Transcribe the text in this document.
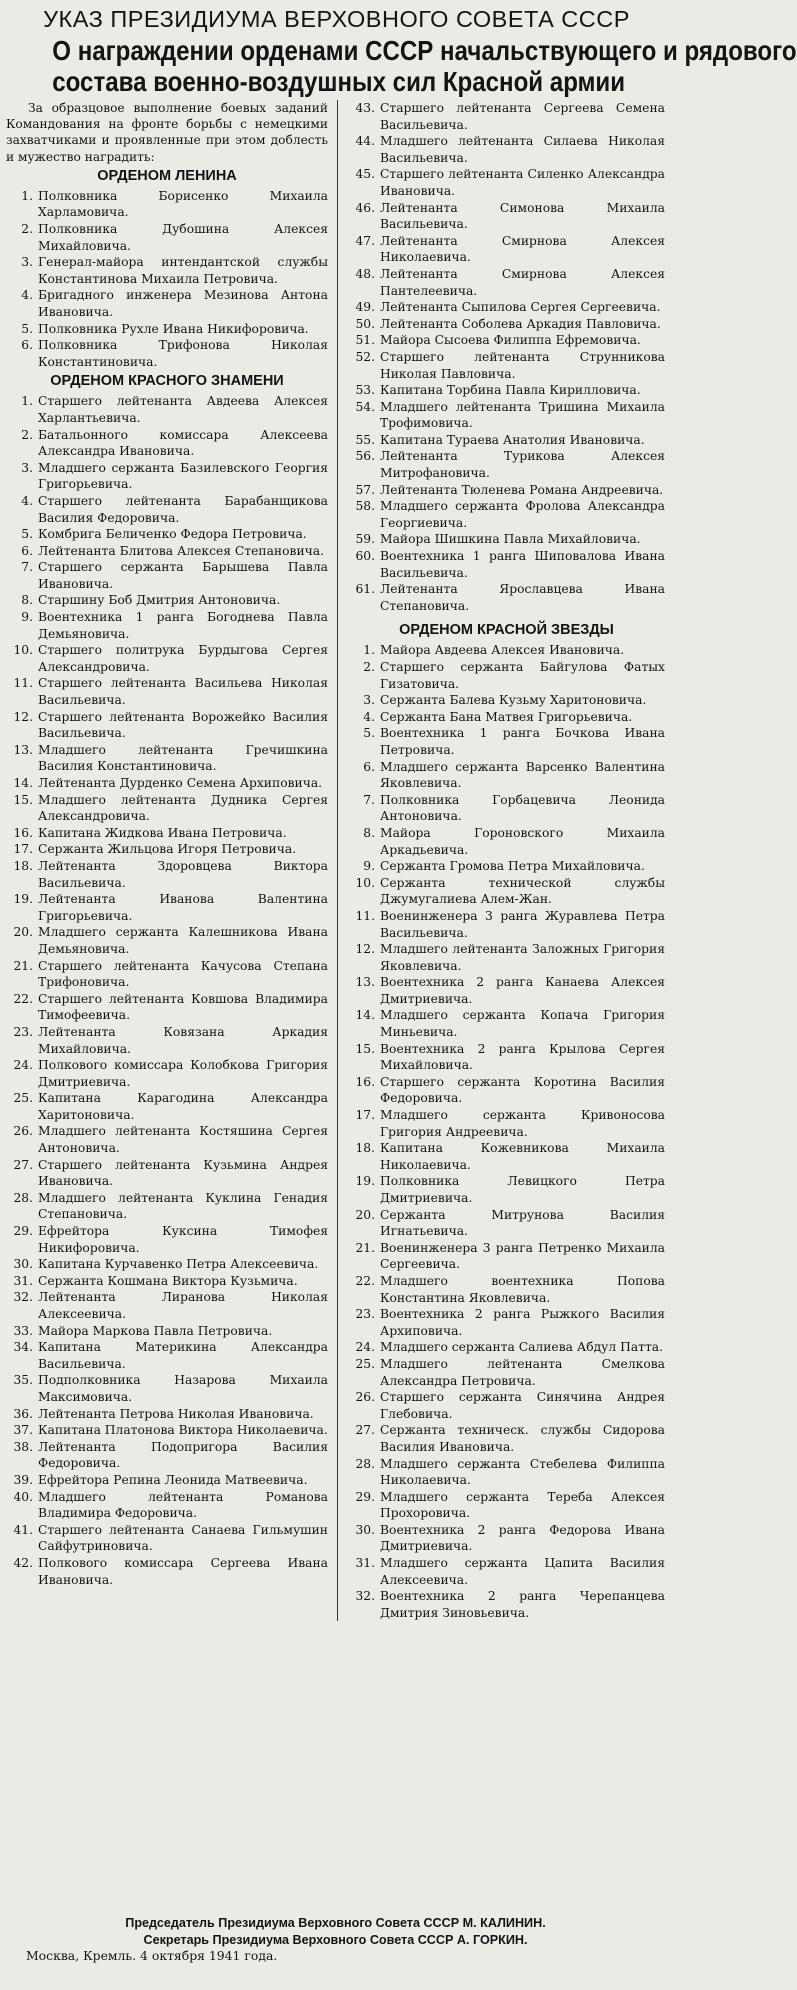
УКАЗ ПРЕЗИДИУМА ВЕРХОВНОГО СОВЕТА СССР
О награждении орденами СССР начальствующего и рядового
состава военно-воздушных сил Красной армии
За образцовое выполнение боевых заданий Командования на фронте борьбы с немецкими захватчиками и проявленные при этом доблесть и мужество наградить:
ОРДЕНОМ ЛЕНИНА
1. Полковника Борисенко Михаила Харламовича.
2. Полковника Дубошина Алексея Михайловича.
3. Генерал-майора интендантской службы Константинова Михаила Петровича.
4. Бригадного инженера Мезинова Антона Ивановича.
5. Полковника Рухле Ивана Никифоровича.
6. Полковника Трифонова Николая Константиновича.
ОРДЕНОМ КРАСНОГО ЗНАМЕНИ
1. Старшего лейтенанта Авдеева Алексея Харлантьевича.
2. Батальонного комиссара Алексеева Александра Ивановича.
3. Младшего сержанта Базилевского Георгия Григорьевича.
4. Старшего лейтенанта Барабанщикова Василия Федоровича.
5. Комбрига Беличенко Федора Петровича.
6. Лейтенанта Блитова Алексея Степановича.
7. Старшего сержанта Барышева Павла Ивановича.
8. Старшину Боб Дмитрия Антоновича.
9. Воентехника 1 ранга Богоднева Павла Демьяновича.
10. Старшего политрука Бурдыгова Сергея Александровича.
11. Старшего лейтенанта Васильева Николая Васильевича.
12. Старшего лейтенанта Ворожейко Василия Васильевича.
13. Младшего лейтенанта Гречишкина Василия Константиновича.
14. Лейтенанта Дурденко Семена Архиповича.
15. Младшего лейтенанта Дудника Сергея Александровича.
16. Капитана Жидкова Ивана Петровича.
17. Сержанта Жильцова Игоря Петровича.
18. Лейтенанта Здоровцева Виктора Васильевича.
19. Лейтенанта Иванова Валентина Григорьевича.
20. Младшего сержанта Калешникова Ивана Демьяновича.
21. Старшего лейтенанта Качусова Степана Трифоновича.
22. Старшего лейтенанта Ковшова Владимира Тимофеевича.
23. Лейтенанта Ковязана Аркадия Михайловича.
24. Полкового комиссара Колобкова Григория Дмитриевича.
25. Капитана Карагодина Александра Харитоновича.
26. Младшего лейтенанта Костяшина Сергея Антоновича.
27. Старшего лейтенанта Кузьмина Андрея Ивановича.
28. Младшего лейтенанта Куклина Генадия Степановича.
29. Ефрейтора Куксина Тимофея Никифоровича.
30. Капитана Курчавенко Петра Алексеевича.
31. Сержанта Кошмана Виктора Кузьмича.
32. Лейтенанта Лиранова Николая Алексеевича.
33. Майора Маркова Павла Петровича.
34. Капитана Материкина Александра Васильевича.
35. Подполковника Назарова Михаила Максимовича.
36. Лейтенанта Петрова Николая Ивановича.
37. Капитана Платонова Виктора Николаевича.
38. Лейтенанта Подопригора Василия Федоровича.
39. Ефрейтора Репина Леонида Матвеевича.
40. Младшего лейтенанта Романова Владимира Федоровича.
41. Старшего лейтенанта Санаева Гильмушин Сайфутриновича.
42. Полкового комиссара Сергеева Ивана Ивановича.
43. Старшего лейтенанта Сергеева Семена Васильевича.
44. Младшего лейтенанта Силаева Николая Васильевича.
45. Старшего лейтенанта Силенко Александра Ивановича.
46. Лейтенанта Симонова Михаила Васильевича.
47. Лейтенанта Смирнова Алексея Николаевича.
48. Лейтенанта Смирнова Алексея Пантелеевича.
49. Лейтенанта Сыпилова Сергея Сергеевича.
50. Лейтенанта Соболева Аркадия Павловича.
51. Майора Сысоева Филиппа Ефремовича.
52. Старшего лейтенанта Струнникова Николая Павловича.
53. Капитана Торбина Павла Кирилловича.
54. Младшего лейтенанта Тришина Михаила Трофимовича.
55. Капитана Тураева Анатолия Ивановича.
56. Лейтенанта Турикова Алексея Митрофановича.
57. Лейтенанта Тюленева Романа Андреевича.
58. Младшего сержанта Фролова Александра Георгиевича.
59. Майора Шишкина Павла Михайловича.
60. Воентехника 1 ранга Шиповалова Ивана Васильевича.
61. Лейтенанта Ярославцева Ивана Степановича.
ОРДЕНОМ КРАСНОЙ ЗВЕЗДЫ
1. Майора Авдеева Алексея Ивановича.
2. Старшего сержанта Байгулова Фатых Гизатовича.
3. Сержанта Балева Кузьму Харитоновича.
4. Сержанта Бана Матвея Григорьевича.
5. Воентехника 1 ранга Бочкова Ивана Петровича.
6. Младшего сержанта Варсенко Валентина Яковлевича.
7. Полковника Горбацевича Леонида Антоновича.
8. Майора Гороновского Михаила Аркадьевича.
9. Сержанта Громова Петра Михайловича.
10. Сержанта технической службы Джумугалиева Алем-Жан.
11. Военинженера 3 ранга Журавлева Петра Васильевича.
12. Младшего лейтенанта Заложных Григория Яковлевича.
13. Воентехника 2 ранга Канаева Алексея Дмитриевича.
14. Младшего сержанта Копача Григория Миньевича.
15. Воентехника 2 ранга Крылова Сергея Михайловича.
16. Старшего сержанта Коротина Василия Федоровича.
17. Младшего сержанта Кривоносова Григория Андреевича.
18. Капитана Кожевникова Михаила Николаевича.
19. Полковника Левицкого Петра Дмитриевича.
20. Сержанта Митрунова Василия Игнатьевича.
21. Военинженера 3 ранга Петренко Михаила Сергеевича.
22. Младшего воентехника Попова Константина Яковлевича.
23. Воентехника 2 ранга Рыжкого Василия Архиповича.
24. Младшего сержанта Салиева Абдул Патта.
25. Младшего лейтенанта Смелкова Александра Петровича.
26. Старшего сержанта Синячина Андрея Глебовича.
27. Сержанта техническ. службы Сидорова Василия Ивановича.
28. Младшего сержанта Стебелева Филиппа Николаевича.
29. Младшего сержанта Тереба Алексея Прохоровича.
30. Воентехника 2 ранга Федорова Ивана Дмитриевича.
31. Младшего сержанта Цапита Василия Алексеевича.
32. Воентехника 2 ранга Черепанцева Дмитрия Зиновьевича.
Председатель Президиума Верховного Совета СССР М. КАЛИНИН.
Секретарь Президиума Верховного Совета СССР А. ГОРКИН.
Москва, Кремль. 4 октября 1941 года.
